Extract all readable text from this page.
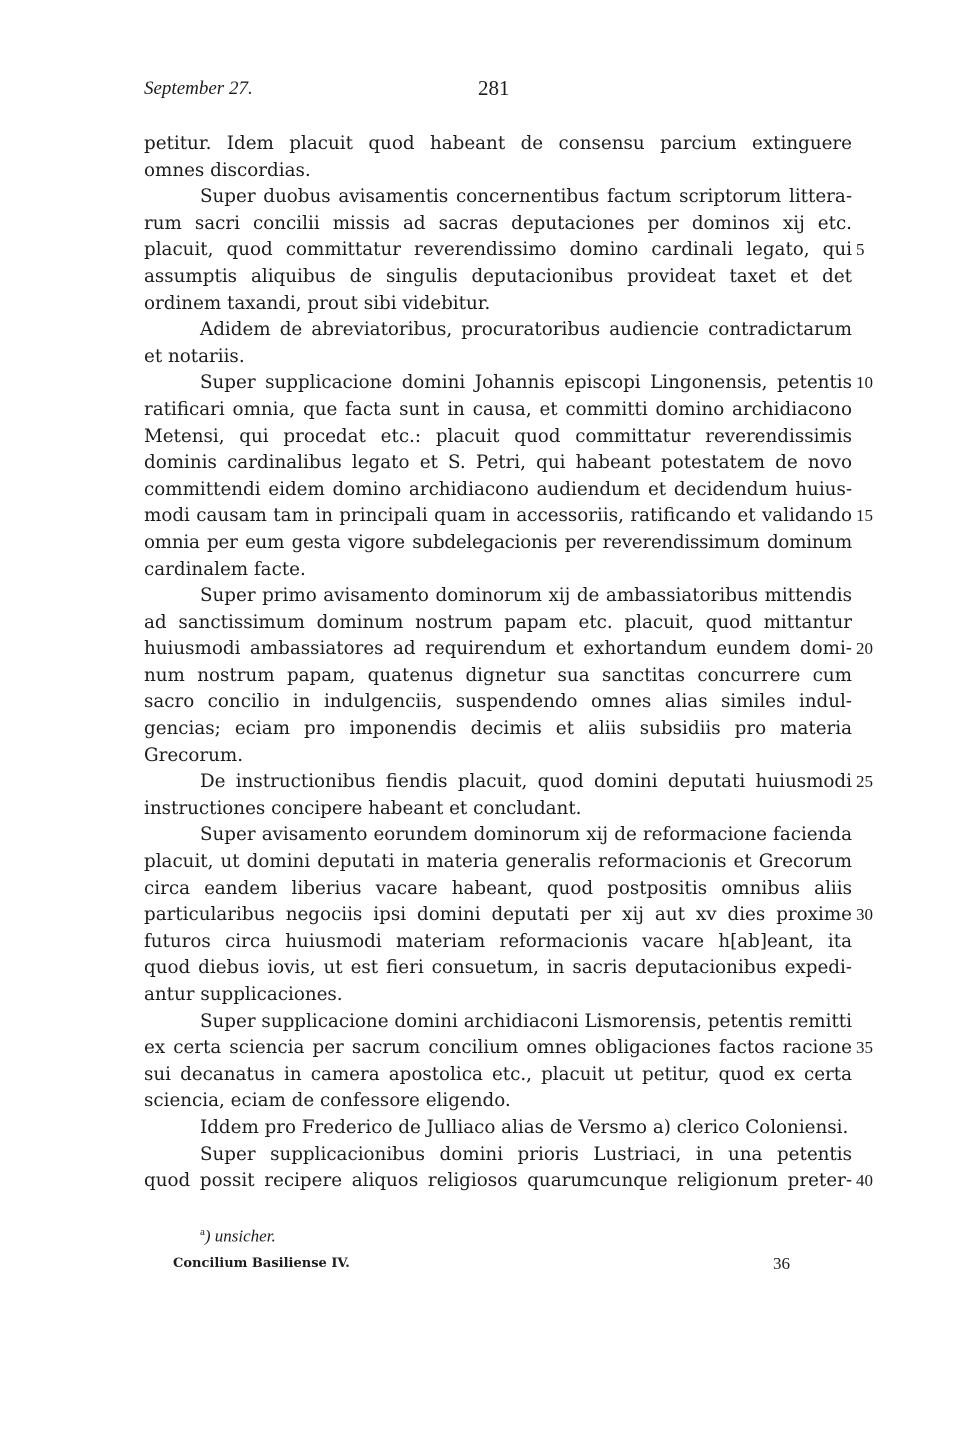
September 27.	281
petitur. Idem placuit quod habeant de consensu parcium extinguere
omnes discordias.
Super duobus avisamentis concernentibus factum scriptorum littera-
rum sacri concilii missis ad sacras deputaciones per dominos xij etc.
placuit, quod committatur reverendissimo domino cardinali legato, qui
assumptis aliquibus de singulis deputacionibus provideat taxet et det
ordinem taxandi, prout sibi videbitur.
Adidem de abreviatoribus, procuratoribus audiencie contradictarum
et notariis.
Super supplicacione domini Johannis episcopi Lingonensis, petentis
ratificari omnia, que facta sunt in causa, et committi domino archidiacono
Metensi, qui procedat etc.: placuit quod committatur reverendissimis
dominis cardinalibus legato et S. Petri, qui habeant potestatem de novo
committendi eidem domino archidiacono audiendum et decidendum huius-
modi causam tam in principali quam in accessoriis, ratificando et validando
omnia per eum gesta vigore subdelegacionis per reverendissimum dominum
cardinalem facte.
Super primo avisamento dominorum xij de ambassiatoribus mittendis
ad sanctissimum dominum nostrum papam etc. placuit, quod mittantur
huiusmodi ambassiatores ad requirendum et exhortandum eundem domi-
num nostrum papam, quatenus dignetur sua sanctitas concurrere cum
sacro concilio in indulgenciis, suspendendo omnes alias similes indul-
gencias; eciam pro imponendis decimis et aliis subsidiis pro materia
Grecorum.
De instructionibus fiendis placuit, quod domini deputati huiusmodi
instructiones concipere habeant et concludant.
Super avisamento eorundem dominorum xij de reformacione facienda
placuit, ut domini deputati in materia generalis reformacionis et Grecorum
circa eandem liberius vacare habeant, quod postpositis omnibus aliis
particularibus negociis ipsi domini deputati per xij aut xv dies proxime
futuros circa huiusmodi materiam reformacionis vacare h[ab]eant, ita
quod diebus iovis, ut est fieri consuetum, in sacris deputacionibus expedi-
antur supplicaciones.
Super supplicacione domini archidiaconi Lismorensis, petentis remitti
ex certa sciencia per sacrum concilium omnes obligaciones factos racione
sui decanatus in camera apostolica etc., placuit ut petitur, quod ex certa
sciencia, eciam de confessore eligendo.
Iddem pro Frederico de Julliaco alias de Versmo a) clerico Coloniensi.
Super supplicacionibus domini prioris Lustriaci, in una petentis
quod possit recipere aliquos religiosos quarumcunque religionum preter-
5
10
15
20
25
30
35
40
$^a$) unsicher.
Concilium Basiliense IV.	36
